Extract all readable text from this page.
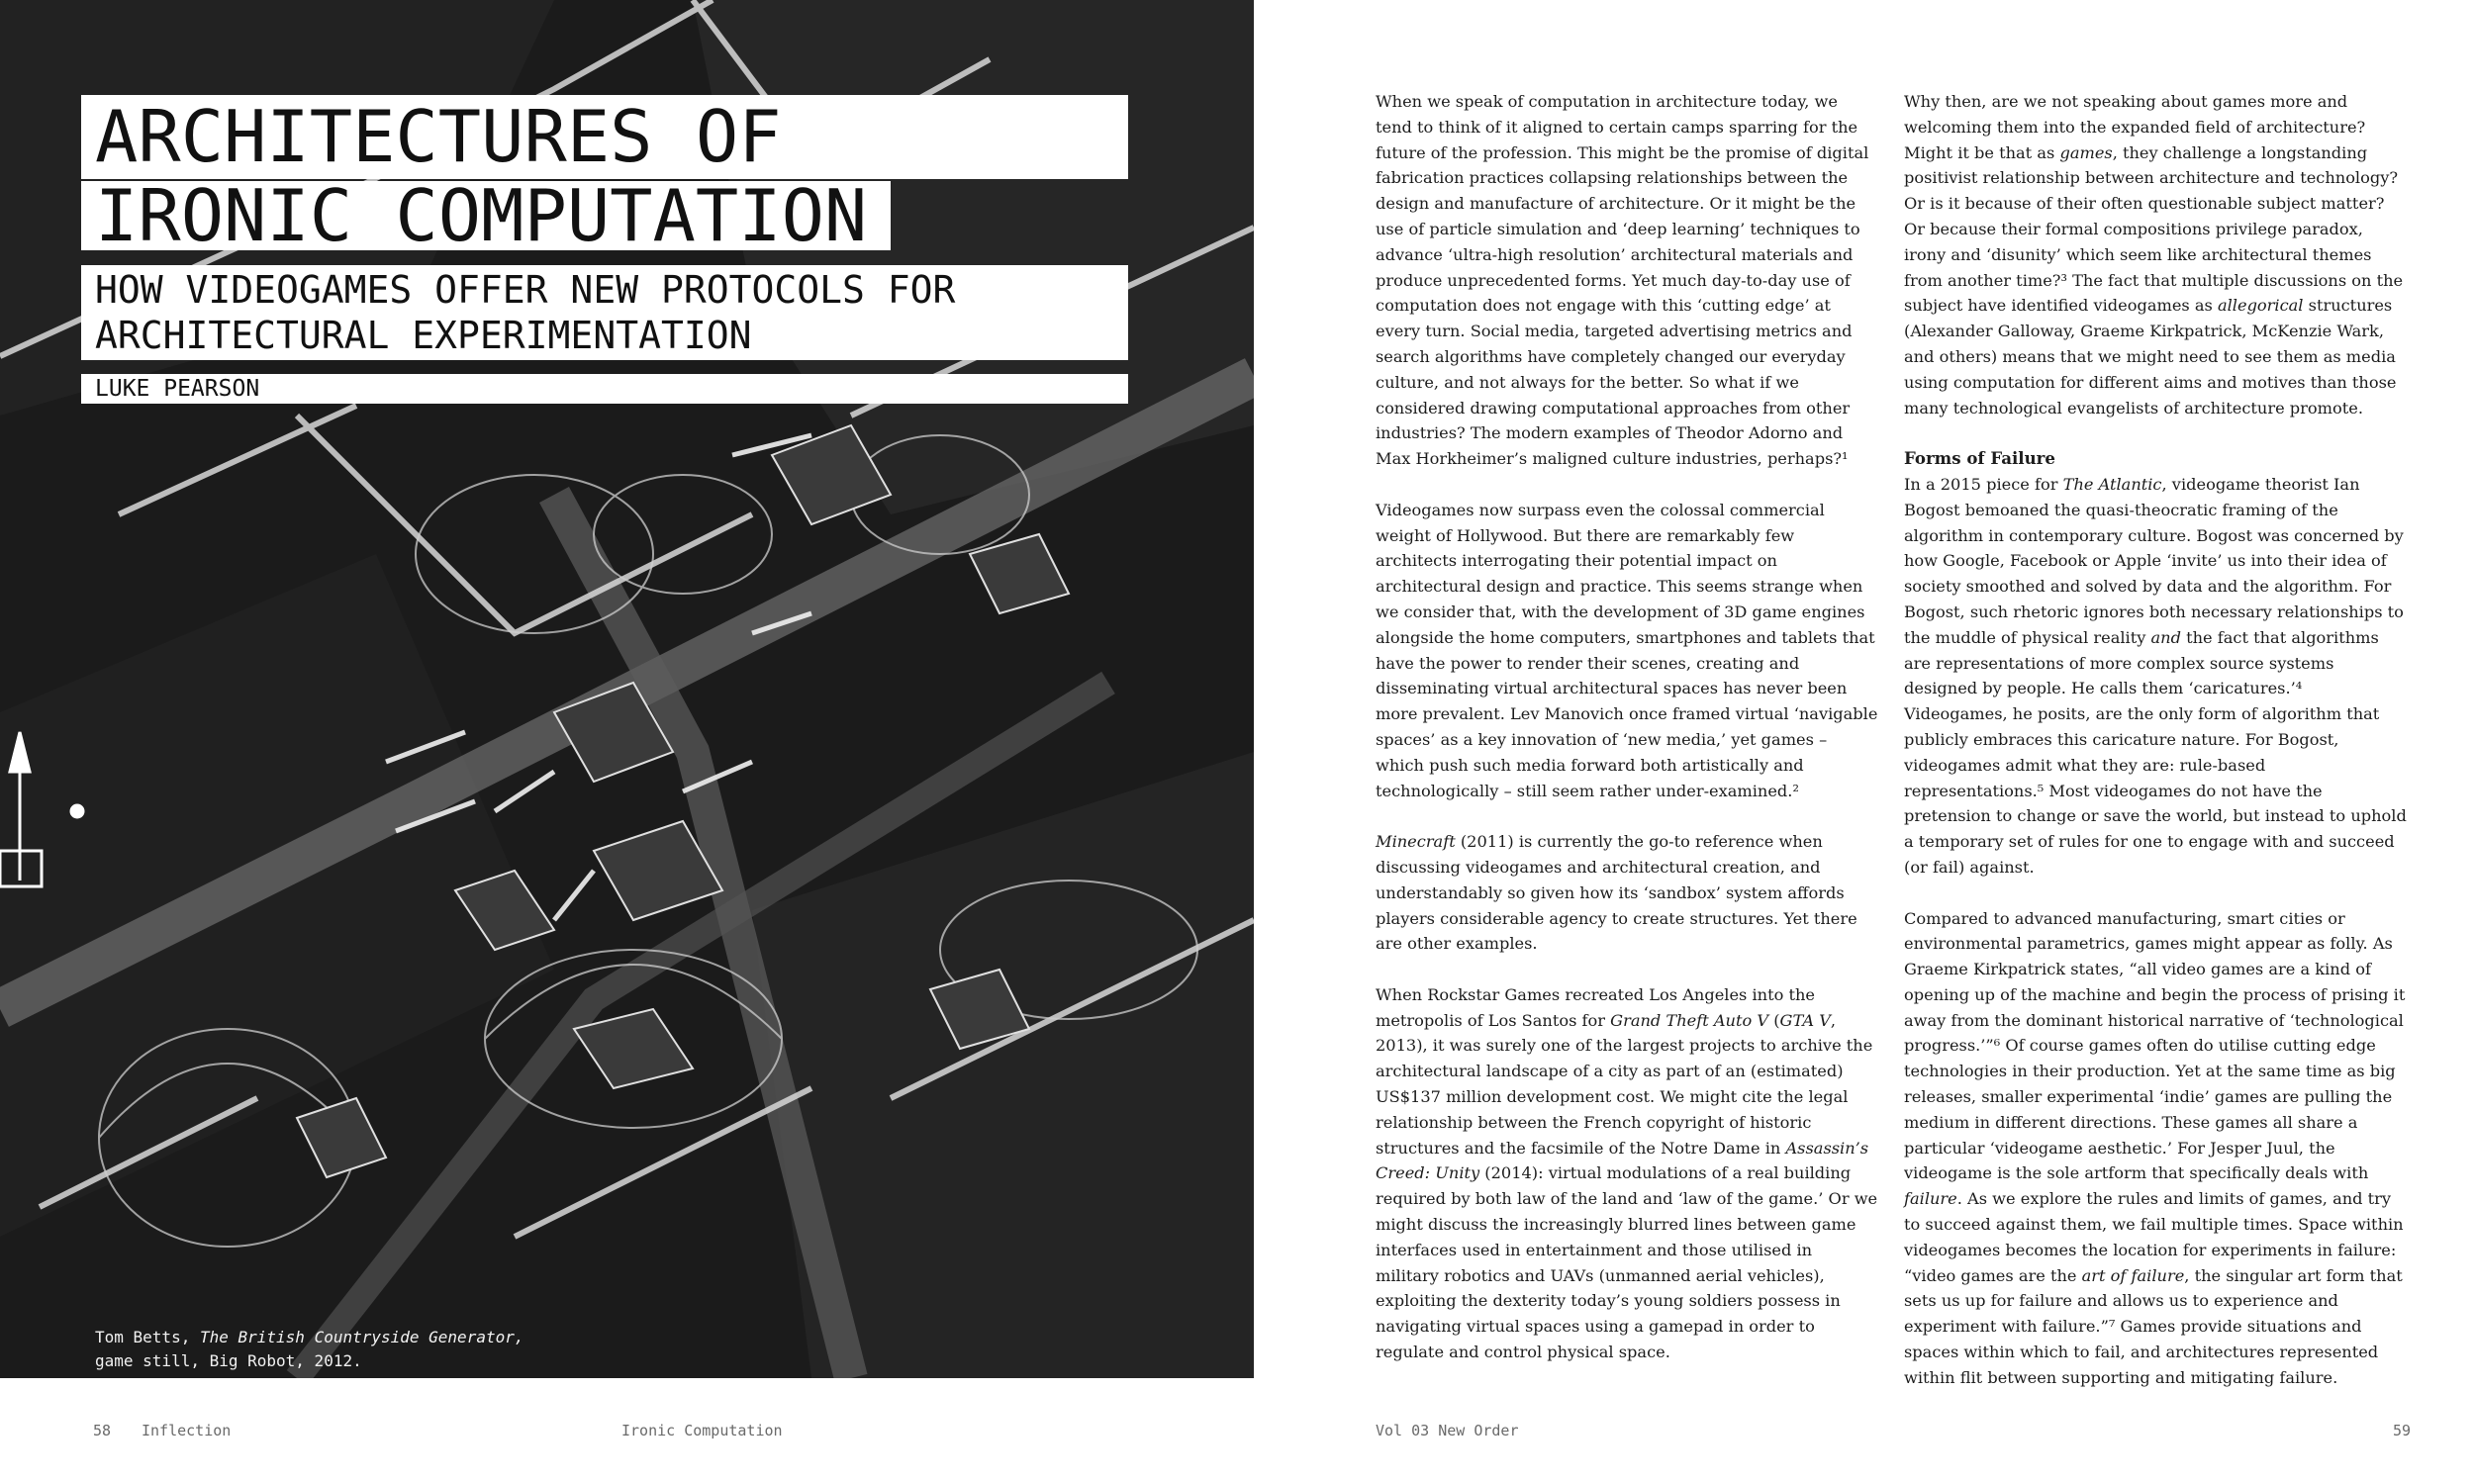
ARCHITECTURES OF
IRONIC COMPUTATION
HOW VIDEOGAMES OFFER NEW PROTOCOLS FOR
ARCHITECTURAL EXPERIMENTATION
LUKE PEARSON
Tom Betts, The British Countryside Generator,
game still, Big Robot, 2012.

When we speak of computation in architecture today, we tend to think of it aligned to certain camps sparring for the future of the profession. This might be the promise of digital fabrication practices collapsing relationships between the design and manufacture of architecture. Or it might be the use of particle simulation and ‘deep learning’ techniques to advance ‘ultra-high resolution’ architectural materials and produce unprecedented forms. Yet much day-to-day use of computation does not engage with this ‘cutting edge’ at every turn. Social media, targeted advertising metrics and search algorithms have completely changed our everyday culture, and not always for the better. So what if we considered drawing computational approaches from other industries? The modern examples of Theodor Adorno and Max Horkheimer’s maligned culture industries, perhaps?¹

Videogames now surpass even the colossal commercial weight of Hollywood. But there are remarkably few architects interrogating their potential impact on architectural design and practice. This seems strange when we consider that, with the development of 3D game engines alongside the home computers, smartphones and tablets that have the power to render their scenes, creating and disseminating virtual architectural spaces has never been more prevalent. Lev Manovich once framed virtual ‘navigable spaces’ as a key innovation of ‘new media,’ yet games – which push such media forward both artistically and technologically – still seem rather under-examined.²

Minecraft (2011) is currently the go-to reference when discussing videogames and architectural creation, and understandably so given how its ‘sandbox’ system affords players considerable agency to create structures. Yet there are other examples.

When Rockstar Games recreated Los Angeles into the metropolis of Los Santos for Grand Theft Auto V (GTA V, 2013), it was surely one of the largest projects to archive the architectural landscape of a city as part of an (estimated) US$137 million development cost. We might cite the legal relationship between the French copyright of historic structures and the facsimile of the Notre Dame in Assassin’s Creed: Unity (2014): virtual modulations of a real building required by both law of the land and ‘law of the game.’ Or we might discuss the increasingly blurred lines between game interfaces used in entertainment and those utilised in military robotics and UAVs (unmanned aerial vehicles), exploiting the dexterity today’s young soldiers possess in navigating virtual spaces using a gamepad in order to regulate and control physical space.

Why then, are we not speaking about games more and welcoming them into the expanded field of architecture? Might it be that as games, they challenge a longstanding positivist relationship between architecture and technology? Or is it because of their often questionable subject matter? Or because their formal compositions privilege paradox, irony and ‘disunity’ which seem like architectural themes from another time?³ The fact that multiple discussions on the subject have identified videogames as allegorical structures (Alexander Galloway, Graeme Kirkpatrick, McKenzie Wark, and others) means that we might need to see them as media using computation for different aims and motives than those many technological evangelists of architecture promote.

Forms of Failure

In a 2015 piece for The Atlantic, videogame theorist Ian Bogost bemoaned the quasi-theocratic framing of the algorithm in contemporary culture. Bogost was concerned by how Google, Facebook or Apple ‘invite’ us into their idea of society smoothed and solved by data and the algorithm. For Bogost, such rhetoric ignores both necessary relationships to the muddle of physical reality and the fact that algorithms are representations of more complex source systems designed by people. He calls them ‘caricatures.’⁴ Videogames, he posits, are the only form of algorithm that publicly embraces this caricature nature. For Bogost, videogames admit what they are: rule-based representations.⁵ Most videogames do not have the pretension to change or save the world, but instead to uphold a temporary set of rules for one to engage with and succeed (or fail) against.

Compared to advanced manufacturing, smart cities or environmental parametrics, games might appear as folly. As Graeme Kirkpatrick states, “all video games are a kind of opening up of the machine and begin the process of prising it away from the dominant historical narrative of ‘technological progress.’”⁶ Of course games often do utilise cutting edge technologies in their production. Yet at the same time as big releases, smaller experimental ‘indie’ games are pulling the medium in different directions. These games all share a particular ‘videogame aesthetic.’ For Jesper Juul, the videogame is the sole artform that specifically deals with failure. As we explore the rules and limits of games, and try to succeed against them, we fail multiple times. Space within videogames becomes the location for experiments in failure: “video games are the art of failure, the singular art form that sets us up for failure and allows us to experience and experiment with failure.”⁷ Games provide situations and spaces within which to fail, and architectures represented within flit between supporting and mitigating failure.

58 Inflection	Ironic Computation	Vol 03 New Order	59
